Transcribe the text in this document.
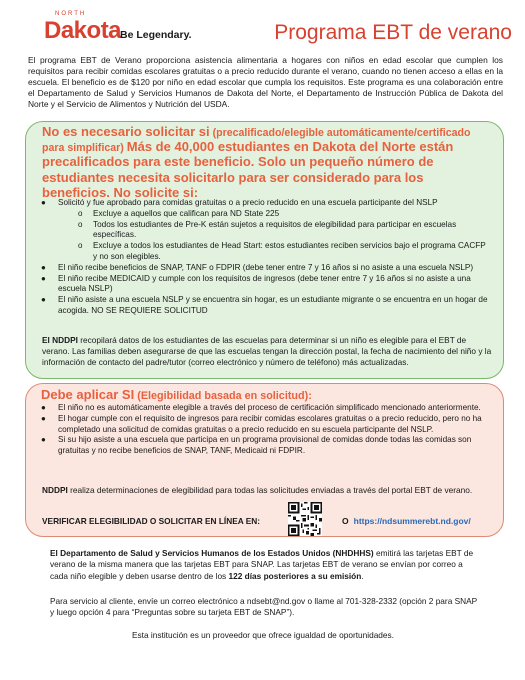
NORTH
Dakota
Be Legendary.	Programa EBT de verano
El programa EBT de Verano proporciona asistencia alimentaria a hogares con niños en edad escolar que cumplen los requisitos para recibir comidas escolares gratuitas o a precio reducido durante el verano, cuando no tienen acceso a ellas en la escuela. El beneficio es de $120 por niño en edad escolar que cumpla los requisitos. Este programa es una colaboración entre el Departamento de Salud y Servicios Humanos de Dakota del Norte, el Departamento de Instrucción Pública de Dakota del Norte y el Servicio de Alimentos y Nutrición del USDA.
No es necesario solicitar si (precalificado/elegible automáticamente/certificado para simplificar) Más de 40,000 estudiantes en Dakota del Norte están precalificados para este beneficio. Solo un pequeño número de estudiantes necesita solicitarlo para ser considerado para los beneficios. No solicite si:
● Solicitó y fue aprobado para comidas gratuitas o a precio reducido en una escuela participante del NSLP
o Excluye a aquellos que califican para ND State 225
o Todos los estudiantes de Pre-K están sujetos a requisitos de elegibilidad para participar en escuelas específicas.
o Excluye a todos los estudiantes de Head Start: estos estudiantes reciben servicios bajo el programa CACFP y no son elegibles.
● El niño recibe beneficios de SNAP, TANF o FDPIR (debe tener entre 7 y 16 años si no asiste a una escuela NSLP)
● El niño recibe MEDICAID y cumple con los requisitos de ingresos (debe tener entre 7 y 16 años si no asiste a una escuela NSLP)
● El niño asiste a una escuela NSLP y se encuentra sin hogar, es un estudiante migrante o se encuentra en un hogar de acogida. NO SE REQUIERE SOLICITUD
El NDDPI recopilará datos de los estudiantes de las escuelas para determinar si un niño es elegible para el EBT de verano. Las familias deben asegurarse de que las escuelas tengan la dirección postal, la fecha de nacimiento del niño y la información de contacto del padre/tutor (correo electrónico y número de teléfono) más actualizadas.
Debe aplicar SI (Elegibilidad basada en solicitud):
● El niño no es automáticamente elegible a través del proceso de certificación simplificado mencionado anteriormente.
● El hogar cumple con el requisito de ingresos para recibir comidas escolares gratuitas o a precio reducido, pero no ha completado una solicitud de comidas gratuitas o a precio reducido en su escuela participante del NSLP.
● Si su hijo asiste a una escuela que participa en un programa provisional de comidas donde todas las comidas son gratuitas y no recibe beneficios de SNAP, TANF, Medicaid ni FDPIR.
NDDPI realiza determinaciones de elegibilidad para todas las solicitudes enviadas a través del portal EBT de verano.
VERIFICAR ELEGIBILIDAD O SOLICITAR EN LÍNEA EN:	O https://ndsummerebt.nd.gov/
El Departamento de Salud y Servicios Humanos de los Estados Unidos (NHDHHS) emitirá las tarjetas EBT de verano de la misma manera que las tarjetas EBT para SNAP. Las tarjetas EBT de verano se envían por correo a cada niño elegible y deben usarse dentro de los 122 días posteriores a su emisión.
Para servicio al cliente, envíe un correo electrónico a ndsebt@nd.gov o llame al 701-328-2332 (opción 2 para SNAP y luego opción 4 para “Preguntas sobre su tarjeta EBT de SNAP”).
Esta institución es un proveedor que ofrece igualdad de oportunidades.
